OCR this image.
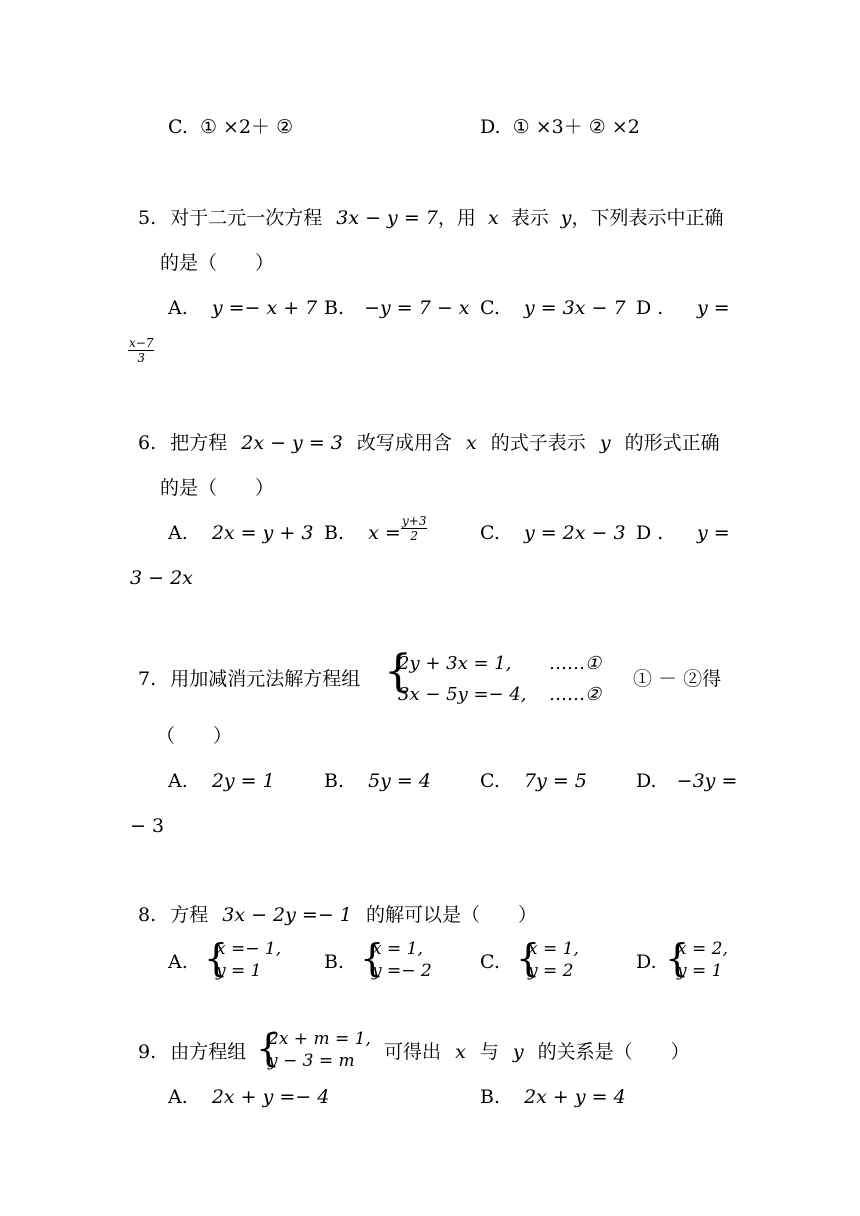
C. ① ×2＋ ②	D. ① ×3＋ ② ×2
5. 对于二元一次方程 3x − y = 7，用 x 表示 y，下列表示中正确
的是（　　）
A. y =− x + 7 B. −y = 7 − x C. y = 3x − 7 D . y =
$\frac{x-7}{3}$
6. 把方程 2x − y = 3 改写成用含 x 的式子表示 y 的形式正确
的是（　　）
A. 2x = y + 3 B. $x = \frac{y+3}{2}$	C. y = 2x − 3 D . y =
3 − 2x
7. 用加减消元法解方程组 {
2y + 3x = 1, ……①
3x − 5y =− 4, ……②
① － ②得
（　　）
A. 2y = 1	B. 5y = 4	C. 7y = 5	D. −3y =
− 3
8. 方程 3x − 2y =− 1 的解可以是（　　）
A. {
x =− 1,
y = 1	B. {
x = 1,
y =− 2	C. {
x = 1,
y = 2	D. {
x = 2,
y = 1
9. 由方程组 {
2x + m = 1,
y − 3 = m 可得出 x 与 y 的关系是（　　）
A. 2x + y =− 4	B. 2x + y = 4
